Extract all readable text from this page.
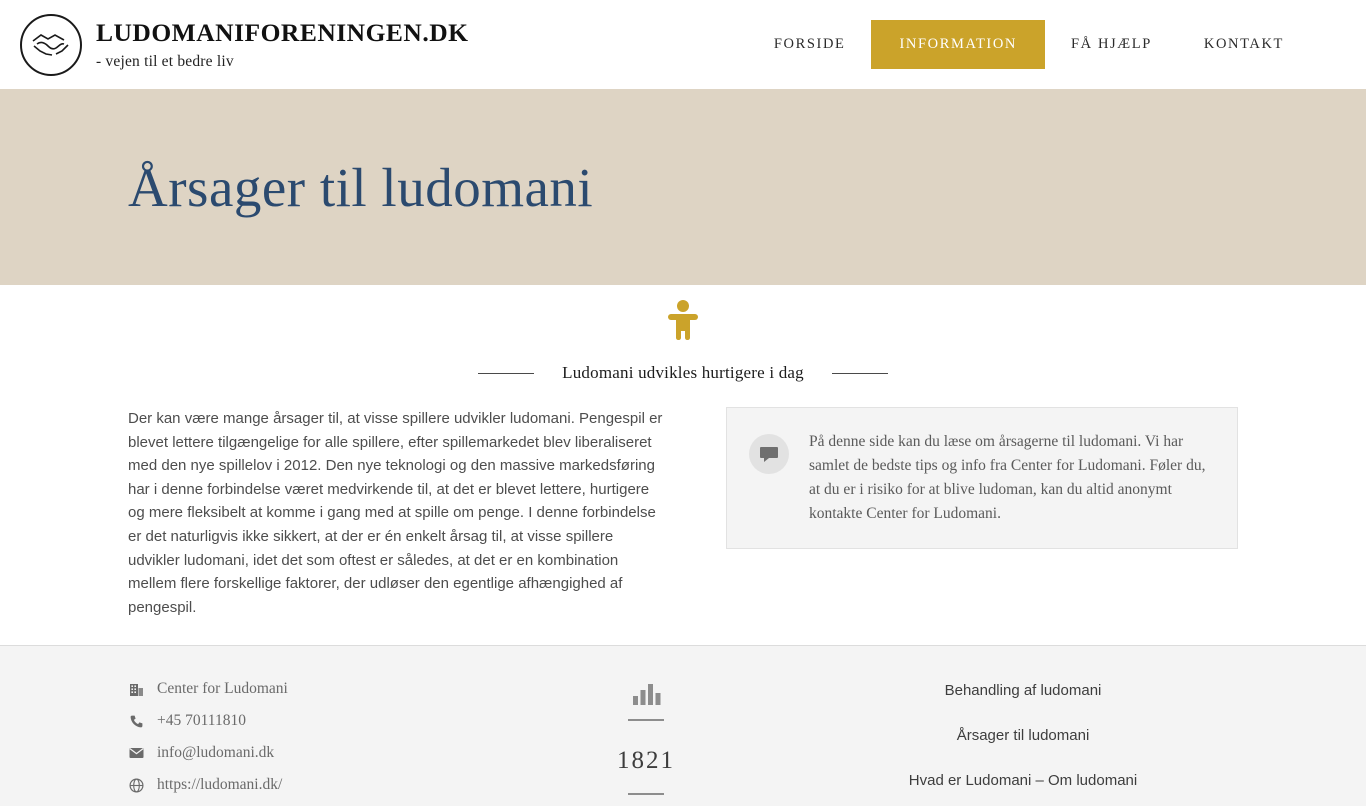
LUDOMANIFORENINGEN.DK
- vejen til et bedre liv
FORSIDE	INFORMATION	FÅ HJÆLP	KONTAKT
Årsager til ludomani
Ludomani udvikles hurtigere i dag

Der kan være mange årsager til, at visse spillere udvikler ludomani. Pengespil er blevet lettere tilgængelige for alle spillere, efter spillemarkedet blev liberaliseret med den nye spillelov i 2012. Den nye teknologi og den massive markedsføring har i denne forbindelse været medvirkende til, at det er blevet lettere, hurtigere og mere fleksibelt at komme i gang med at spille om penge. I denne forbindelse er det naturligvis ikke sikkert, at der er én enkelt årsag til, at visse spillere udvikler ludomani, idet det som oftest er således, at det er en kombination mellem flere forskellige faktorer, der udløser den egentlige afhængighed af pengespil.

På denne side kan du læse om årsagerne til ludomani. Vi har samlet de bedste tips og info fra Center for Ludomani. Føler du, at du er i risiko for at blive ludoman, kan du altid anonymt kontakte Center for Ludomani.
Center for Ludomani
+45 70111810
info@ludomani.dk
https://ludomani.dk/
1821
Behandling af ludomani
Årsager til ludomani
Hvad er Ludomani – Om ludomani
